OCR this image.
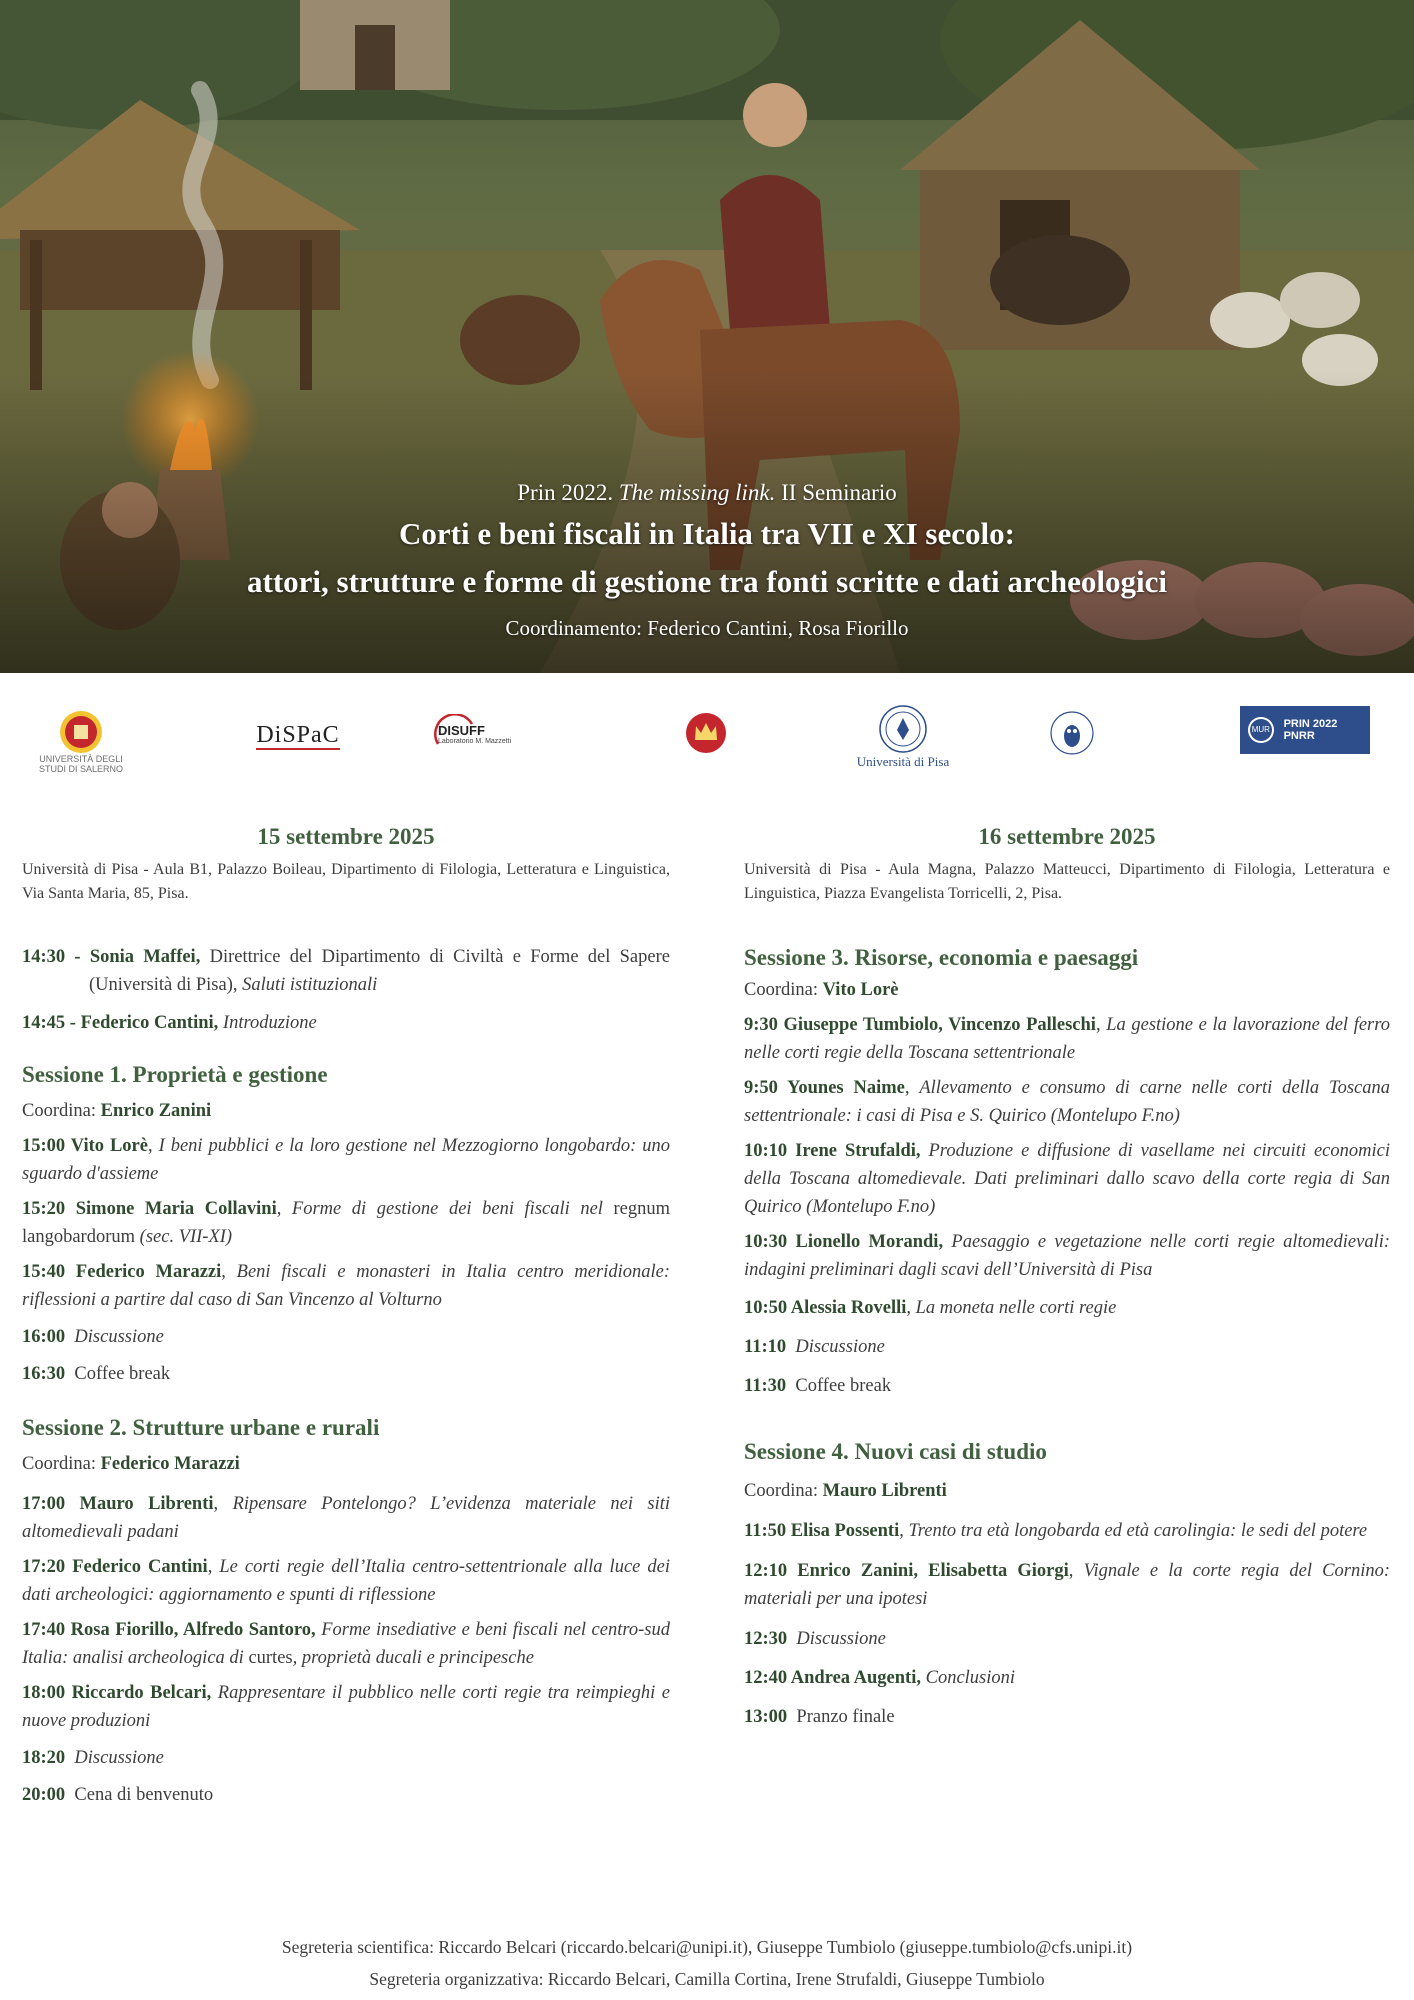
Prin 2022. The missing link. II Seminario
Corti e beni fiscali in Italia tra VII e XI secolo:
attori, strutture e forme di gestione tra fonti scritte e dati archeologici
Coordinamento: Federico Cantini, Rosa Fiorillo
UNIVERSITÀ DEGLI STUDI DI SALERNO
DiSPaC	DISUFF
Laboratorio M. Mazzetti
Università di Pisa
MUR	PRIN 2022 PNRR
15 settembre 2025
Università di Pisa - Aula B1, Palazzo Boileau, Dipartimento di Filologia, Letteratura e Linguistica, Via Santa Maria, 85, Pisa.
14:30 - Sonia Maffei, Direttrice del Dipartimento di Civiltà e Forme del Sapere (Università di Pisa), Saluti istituzionali
14:45 - Federico Cantini, Introduzione
Sessione 1. Proprietà e gestione
Coordina: Enrico Zanini
15:00 Vito Lorè, I beni pubblici e la loro gestione nel Mezzogiorno longobardo: uno sguardo d'assieme
15:20 Simone Maria Collavini, Forme di gestione dei beni fiscali nel regnum langobardorum (sec. VII-XI)
15:40 Federico Marazzi, Beni fiscali e monasteri in Italia centro meridionale: riflessioni a partire dal caso di San Vincenzo al Volturno
16:00 Discussione
16:30 Coffee break
Sessione 2. Strutture urbane e rurali
Coordina: Federico Marazzi
17:00 Mauro Librenti, Ripensare Pontelongo? L’evidenza materiale nei siti altomedievali padani
17:20 Federico Cantini, Le corti regie dell’Italia centro-settentrionale alla luce dei dati archeologici: aggiornamento e spunti di riflessione
17:40 Rosa Fiorillo, Alfredo Santoro, Forme insediative e beni fiscali nel centro-sud Italia: analisi archeologica di curtes, proprietà ducali e principesche
18:00 Riccardo Belcari, Rappresentare il pubblico nelle corti regie tra reimpieghi e nuove produzioni
18:20 Discussione
20:00 Cena di benvenuto
16 settembre 2025
Università di Pisa - Aula Magna, Palazzo Matteucci, Dipartimento di Filologia, Letteratura e Linguistica, Piazza Evangelista Torricelli, 2, Pisa.
Sessione 3. Risorse, economia e paesaggi
Coordina: Vito Lorè
9:30 Giuseppe Tumbiolo, Vincenzo Palleschi, La gestione e la lavorazione del ferro nelle corti regie della Toscana settentrionale
9:50 Younes Naime, Allevamento e consumo di carne nelle corti della Toscana settentrionale: i casi di Pisa e S. Quirico (Montelupo F.no)
10:10 Irene Strufaldi, Produzione e diffusione di vasellame nei circuiti economici della Toscana altomedievale. Dati preliminari dallo scavo della corte regia di San Quirico (Montelupo F.no)
10:30 Lionello Morandi, Paesaggio e vegetazione nelle corti regie altomedievali: indagini preliminari dagli scavi dell’Università di Pisa
10:50 Alessia Rovelli, La moneta nelle corti regie
11:10 Discussione
11:30 Coffee break
Sessione 4. Nuovi casi di studio
Coordina: Mauro Librenti
11:50 Elisa Possenti, Trento tra età longobarda ed età carolingia: le sedi del potere
12:10 Enrico Zanini, Elisabetta Giorgi, Vignale e la corte regia del Cornino: materiali per una ipotesi
12:30 Discussione
12:40 Andrea Augenti, Conclusioni
13:00 Pranzo finale
Segreteria scientifica: Riccardo Belcari (riccardo.belcari@unipi.it), Giuseppe Tumbiolo (giuseppe.tumbiolo@cfs.unipi.it)
Segreteria organizzativa: Riccardo Belcari, Camilla Cortina, Irene Strufaldi, Giuseppe Tumbiolo
